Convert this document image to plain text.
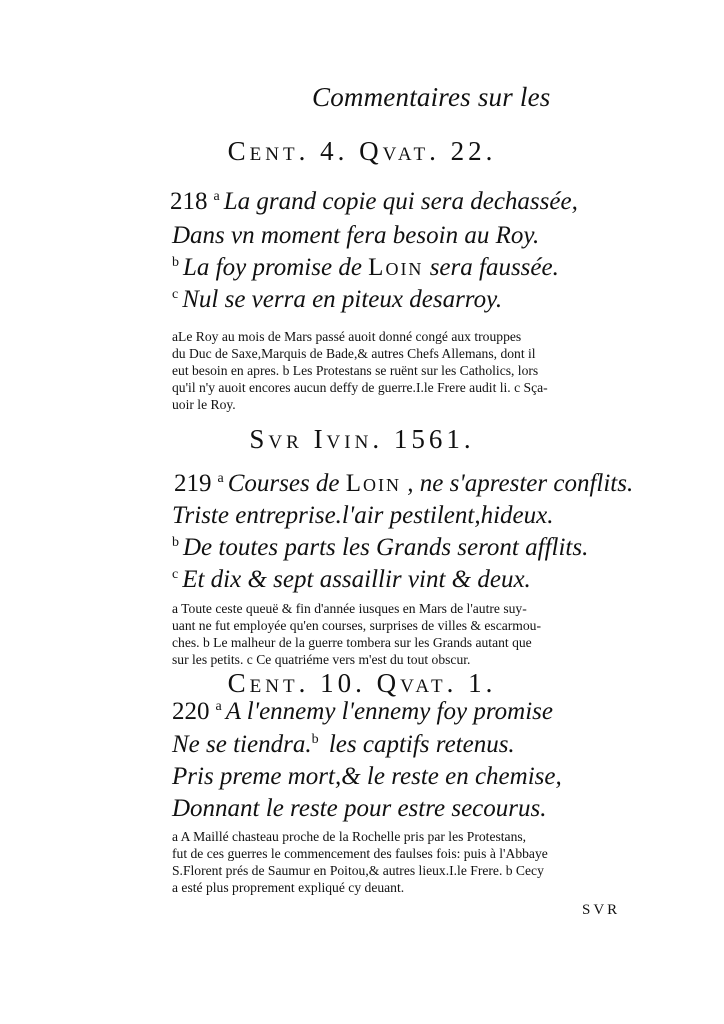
Commentaires sur les
Cent. 4. Qvat. 22.
218 $^a$ La grand copie qui sera dechassée,
Dans vn moment fera besoin au Roy.
$^b$ La foy promise de Loin sera faussée.
$^c$ Nul se verra en piteux desarroy.
aLe Roy au mois de Mars passé auoit donné congé aux trouppes
du Duc de Saxe,Marquis de Bade,& autres Chefs Allemans, dont il
eut besoin en apres. b Les Protestans se ruënt sur les Catholics, lors
qu'il n'y auoit encores aucun deffy de guerre.I.le Frere audit li. c Sça-
uoir le Roy.
Svr Ivin. 1561.
219 $^a$ Courses de Loin , ne s'aprester conflits.
Triste entreprise.l'air pestilent,hideux.
$^b$ De toutes parts les Grands seront afflits.
$^c$ Et dix & sept assaillir vint & deux.
a Toute ceste queuë & fin d'année iusques en Mars de l'autre suy-
uant ne fut employée qu'en courses, surprises de villes & escarmou-
ches. b Le malheur de la guerre tombera sur les Grands autant que
sur les petits. c Ce quatriéme vers m'est du tout obscur.
Cent. 10. Qvat. 1.
220 $^a$ A l'ennemy l'ennemy foy promise
Ne se tiendra.$^b$ les captifs retenus.
Pris preme mort,& le reste en chemise,
Donnant le reste pour estre secourus.
a A Maillé chasteau proche de la Rochelle pris par les Protestans,
fut de ces guerres le commencement des faulses fois: puis à l'Abbaye
S.Florent prés de Saumur en Poitou,& autres lieux.I.le Frere. b Cecy
a esté plus proprement expliqué cy deuant.
SVR
